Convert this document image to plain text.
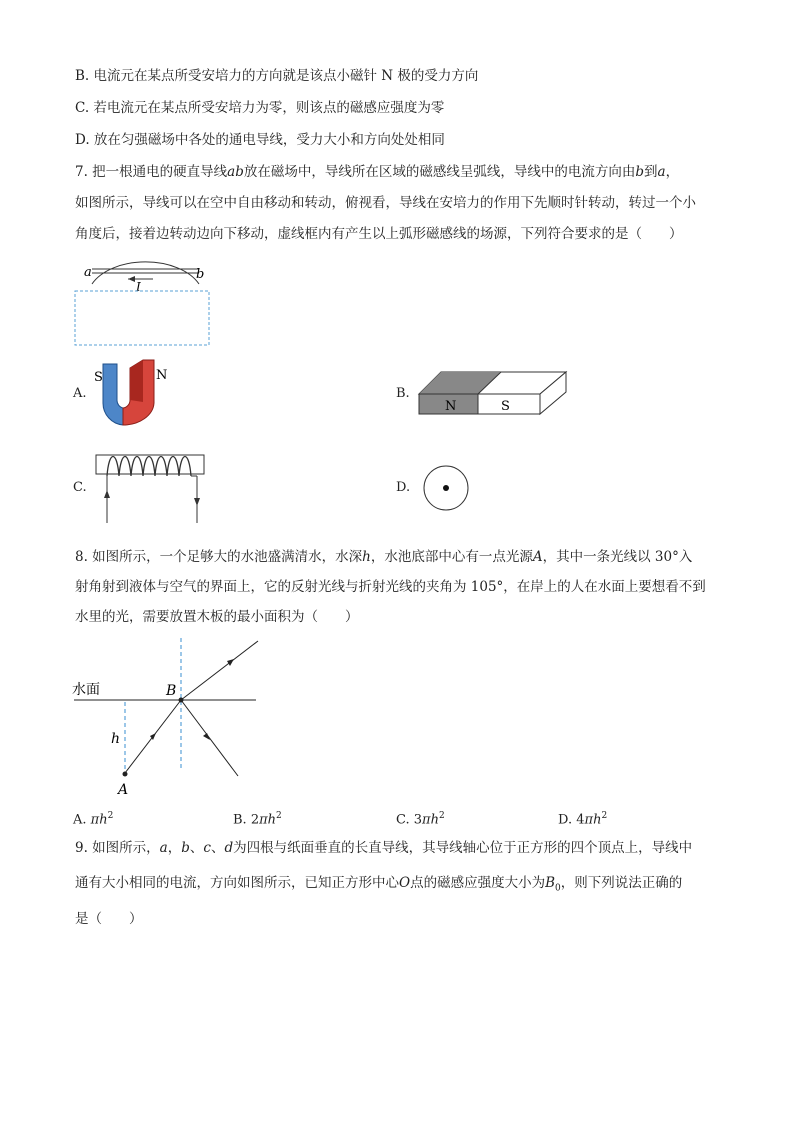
B. 电流元在某点所受安培力的方向就是该点小磁针 N 极的受力方向
C. 若电流元在某点所受安培力为零，则该点的磁感应强度为零
D. 放在匀强磁场中各处的通电导线，受力大小和方向处处相同
7. 把一根通电的硬直导线ab放在磁场中，导线所在区域的磁感线呈弧线，导线中的电流方向由b到a，
如图所示，导线可以在空中自由移动和转动，俯视看，导线在安培力的作用下先顺时针转动，转过一个小
角度后，接着边转动边向下移动，虚线框内有产生以上弧形磁感线的场源，下列符合要求的是（　　）
a	b
I
A.
S	N
B.
N	S
C.	D.
8. 如图所示，一个足够大的水池盛满清水，水深h，水池底部中心有一点光源A，其中一条光线以 30°入
射角射到液体与空气的界面上，它的反射光线与折射光线的夹角为 105°，在岸上的人在水面上要想看不到
水里的光，需要放置木板的最小面积为（　　）
水面	B
h
A
A. $\pi h^2$	B. $2\pi h^2$	C. $3\pi h^2$	D. $4\pi h^2$
9. 如图所示，a，b、c、d为四根与纸面垂直的长直导线，其导线轴心位于正方形的四个顶点上，导线中
通有大小相同的电流，方向如图所示，已知正方形中心O点的磁感应强度大小为$B_0$，则下列说法正确的
是（　　）
